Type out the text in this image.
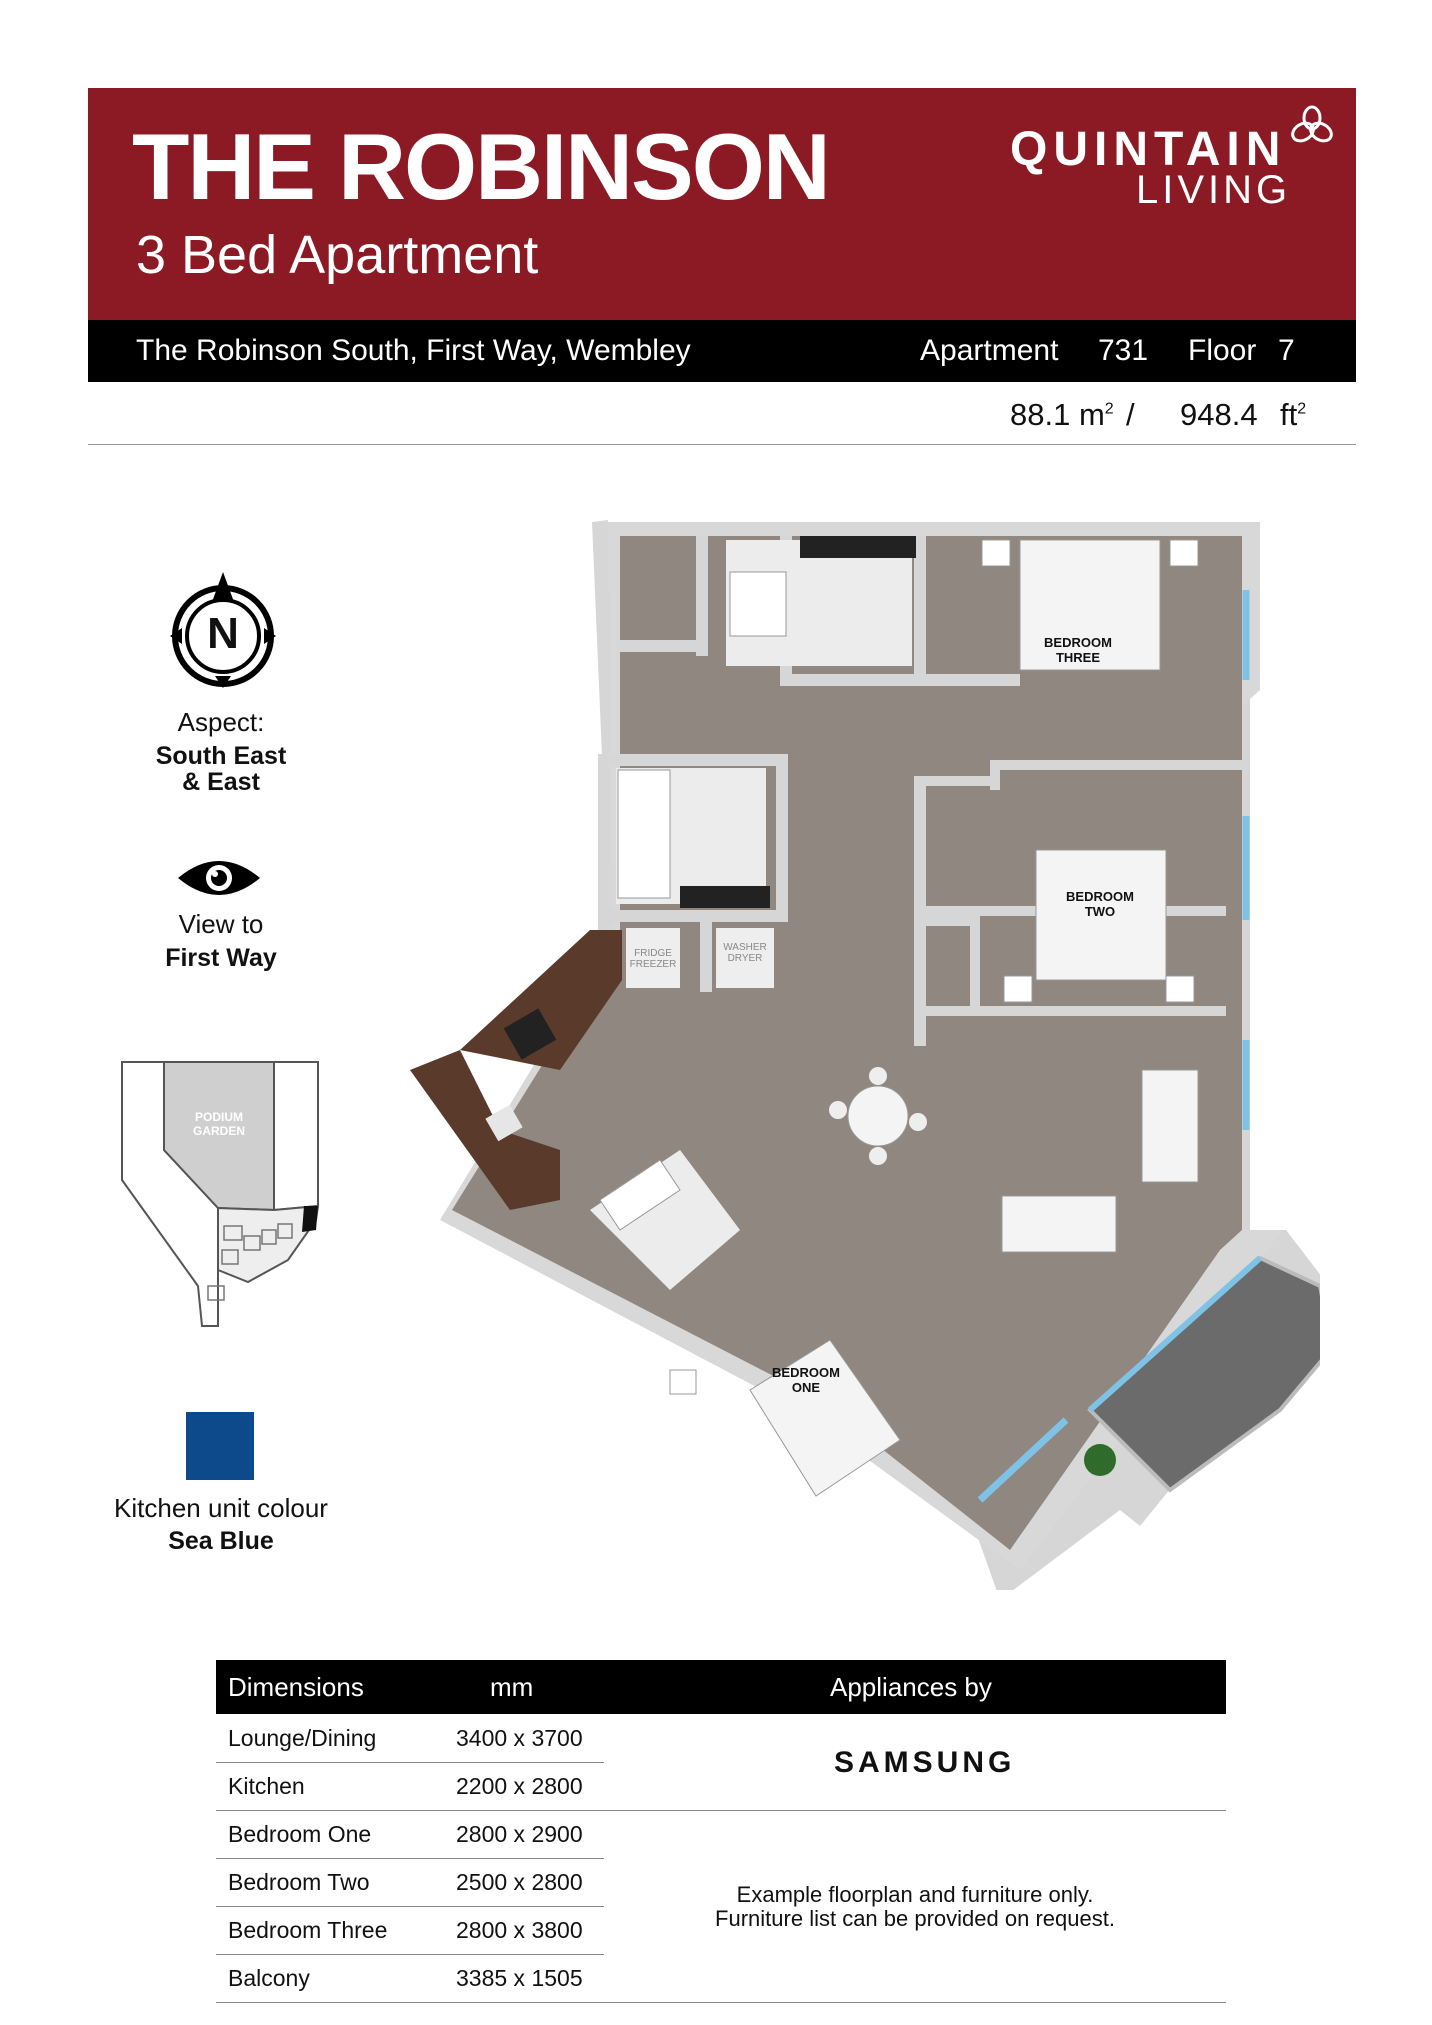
THE ROBINSON
3 Bed Apartment
QUINTAIN
LIVING
The Robinson South, First Way, Wembley	Apartment 731 Floor 7
88.1 $m^2 / 948.4$ $ft^2$
N
Aspect:
South East
& East
View to
First Way
PODIUM
GARDEN
Kitchen unit colour
Sea Blue
BEDROOM
THREE
BEDROOM
TWO
BEDROOM
ONE
FRIDGE
FREEZER
WASHER
DRYER
Dimensions	mm	Appliances by
Lounge/Dining	3400 x 3700
Kitchen	2200 x 2800
Bedroom One	2800 x 2900
Bedroom Two	2500 x 2800
Bedroom Three	2800 x 3800
Balcony	3385 x 1505
SAMSUNG
Example floorplan and furniture only.
Furniture list can be provided on request.
